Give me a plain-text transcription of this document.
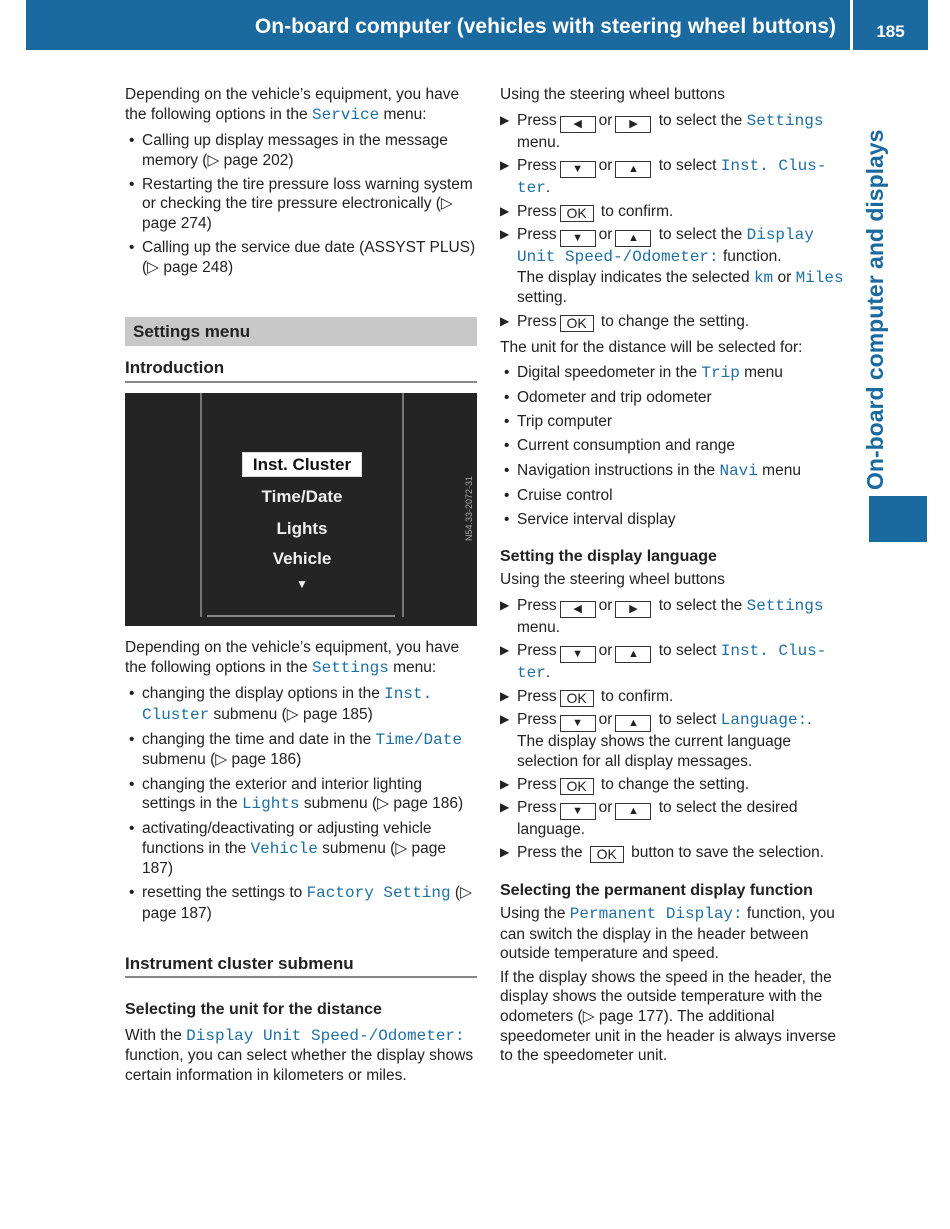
On-board computer (vehicles with steering wheel buttons)	185
On-board computer and displays

Depending on the vehicle’s equipment, you have the following options in the Service menu:

• Calling up display messages in the message memory (▷ page 202)
• Restarting the tire pressure loss warning system or checking the tire pressure electronically (▷ page 274)
• Calling up the service due date (ASSYST PLUS) (▷ page 248)
Settings menu
Introduction
Inst. Cluster
Time/Date
Lights
Vehicle
▼
N54.33-2072-31

Depending on the vehicle’s equipment, you have the following options in the Settings menu:

• changing the display options in the Inst. Cluster submenu (▷ page 185)
• changing the time and date in the Time/Date submenu (▷ page 186)
• changing the exterior and interior lighting settings in the Lights submenu (▷ page 186)
• activating/deactivating or adjusting vehicle functions in the Vehicle submenu (▷ page 187)
• resetting the settings to Factory Setting (▷ page 187)
Instrument cluster submenu
Selecting the unit for the distance

With the Display Unit Speed-/Odometer: function, you can select whether the display shows certain information in kilometers or miles.

Using the steering wheel buttons

▶ Press ◀ or ▶ to select the Settings menu.
▶ Press ▼ or ▲ to select Inst. Clus-ter.
▶ Press OK to confirm.
▶ Press ▼ or ▲ to select the Display Unit Speed-/Odometer: function.
The display indicates the selected km or Miles setting.
▶ Press OK to change the setting.

The unit for the distance will be selected for:

• Digital speedometer in the Trip menu
• Odometer and trip odometer
• Trip computer
• Current consumption and range
• Navigation instructions in the Navi menu
• Cruise control
• Service interval display
Setting the display language

Using the steering wheel buttons

▶ Press ◀ or ▶ to select the Settings menu.
▶ Press ▼ or ▲ to select Inst. Clus-ter.
▶ Press OK to confirm.
▶ Press ▼ or ▲ to select Language:.
The display shows the current language selection for all display messages.
▶ Press OK to change the setting.
▶ Press ▼ or ▲ to select the desired language.
▶ Press the OK button to save the selection.
Selecting the permanent display function

Using the Permanent Display: function, you can switch the display in the header between outside temperature and speed.

If the display shows the speed in the header, the display shows the outside temperature with the odometers (▷ page 177). The additional speedometer unit in the header is always inverse to the speedometer unit.
